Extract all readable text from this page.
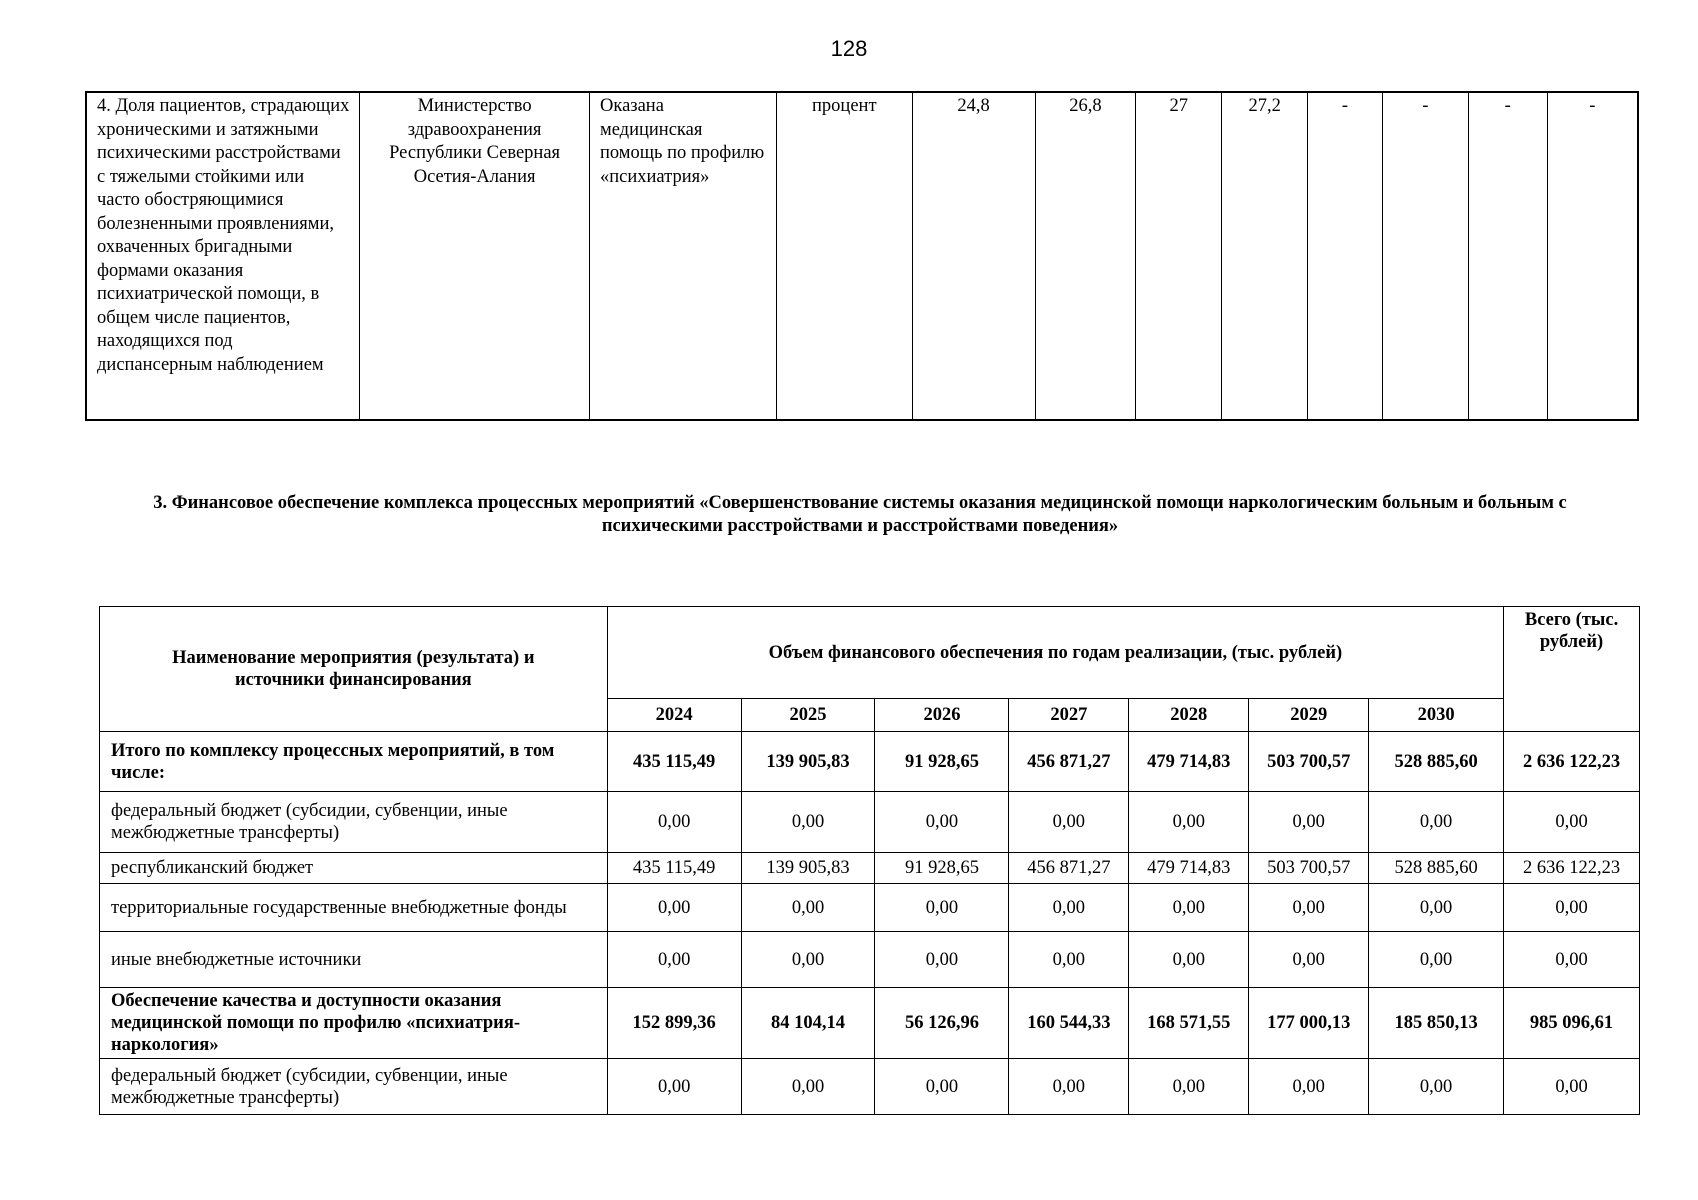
128
4. Доля пациентов, страдающих хроническими и затяжными психическими расстройствами с тяжелыми стойкими или часто обостряющимися болезненными проявлениями, охваченных бригадными формами оказания психиатрической помощи, в общем числе пациентов, находящихся под диспансерным наблюдением	Министерство здравоохранения Республики Северная Осетия-Алания	Оказана медицинская помощь по профилю «психиатрия»	процент	24,8	26,8	27	27,2	-	-	-	-
3. Финансовое обеспечение комплекса процессных мероприятий «Совершенствование системы оказания медицинской помощи наркологическим больным и больным с психическими расстройствами и расстройствами поведения»
Наименование мероприятия (результата) и источники финансирования	Объем финансового обеспечения по годам реализации, (тыс. рублей)							Всего (тыс. рублей)
	2024	2025	2026	2027	2028	2029	2030	
Итого по комплексу процессных мероприятий, в том числе:	435 115,49	139 905,83	91 928,65	456 871,27	479 714,83	503 700,57	528 885,60	2 636 122,23
федеральный бюджет (субсидии, субвенции, иные межбюджетные трансферты)	0,00	0,00	0,00	0,00	0,00	0,00	0,00	0,00
республиканский бюджет	435 115,49	139 905,83	91 928,65	456 871,27	479 714,83	503 700,57	528 885,60	2 636 122,23
территориальные государственные внебюджетные фонды	0,00	0,00	0,00	0,00	0,00	0,00	0,00	0,00
иные внебюджетные источники	0,00	0,00	0,00	0,00	0,00	0,00	0,00	0,00
Обеспечение качества и доступности оказания медицинской помощи по профилю «психиатрия-наркология»	152 899,36	84 104,14	56 126,96	160 544,33	168 571,55	177 000,13	185 850,13	985 096,61
федеральный бюджет (субсидии, субвенции, иные межбюджетные трансферты)	0,00	0,00	0,00	0,00	0,00	0,00	0,00	0,00
